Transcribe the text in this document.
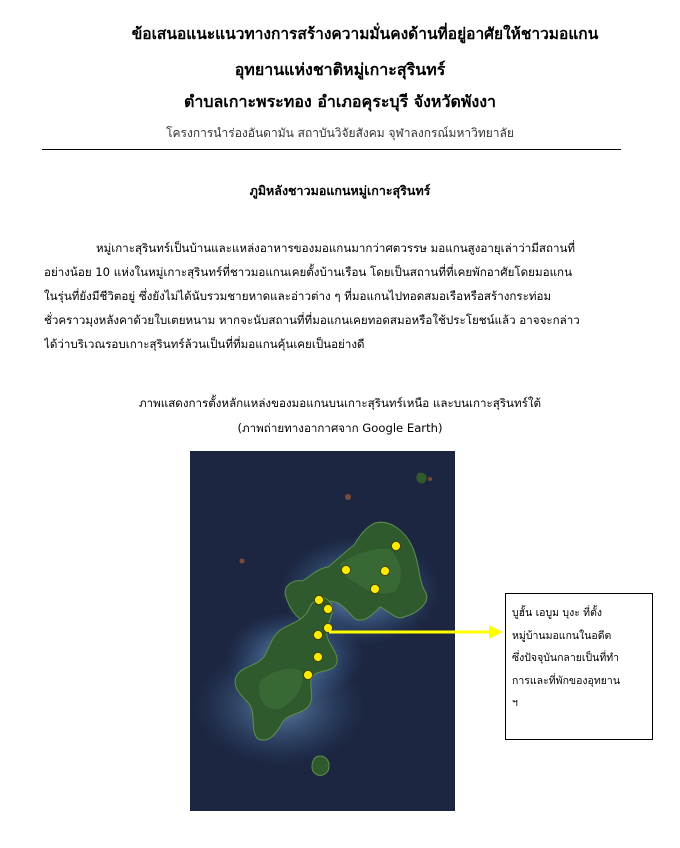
ข้อเสนอแนะแนวทางการสร้างความมั่นคงด้านที่อยู่อาศัยให้ชาวมอแกน
อุทยานแห่งชาติหมู่เกาะสุรินทร์
ตำบลเกาะพระทอง อำเภอคุระบุรี จังหวัดพังงา
โครงการนำร่องอันดามัน สถาบันวิจัยสังคม จุฬาลงกรณ์มหาวิทยาลัย
ภูมิหลังชาวมอแกนหมู่เกาะสุรินทร์

หมู่เกาะสุรินทร์เป็นบ้านและแหล่งอาหารของมอแกนมากว่าศตวรรษ มอแกนสูงอายุเล่าว่ามีสถานที่
อย่างน้อย 10 แห่งในหมู่เกาะสุรินทร์ที่ชาวมอแกนเคยตั้งบ้านเรือน โดยเป็นสถานที่ที่เคยพักอาศัยโดยมอแกน
ในรุ่นที่ยังมีชีวิตอยู่ ซึ่งยังไม่ได้นับรวมชายหาดและอ่าวต่าง ๆ ที่มอแกนไปทอดสมอเรือหรือสร้างกระท่อม
ชั่วคราวมุงหลังคาด้วยใบเตยหนาม หากจะนับสถานที่ที่มอแกนเคยทอดสมอหรือใช้ประโยชน์แล้ว อาจจะกล่าว
ได้ว่าบริเวณรอบเกาะสุรินทร์ล้วนเป็นที่ที่มอแกนคุ้นเคยเป็นอย่างดี

ภาพแสดงการตั้งหลักแหล่งของมอแกนบนเกาะสุรินทร์เหนือ และบนเกาะสุรินทร์ใต้

(ภาพถ่ายทางอากาศจาก Google Earth)

บูฮั้น เอบูม บุงะ ที่ตั้ง
หมู่บ้านมอแกนในอดีต
ซึ่งปัจจุบันกลายเป็นที่ทำ
การและที่พักของอุทยาน
ฯ
